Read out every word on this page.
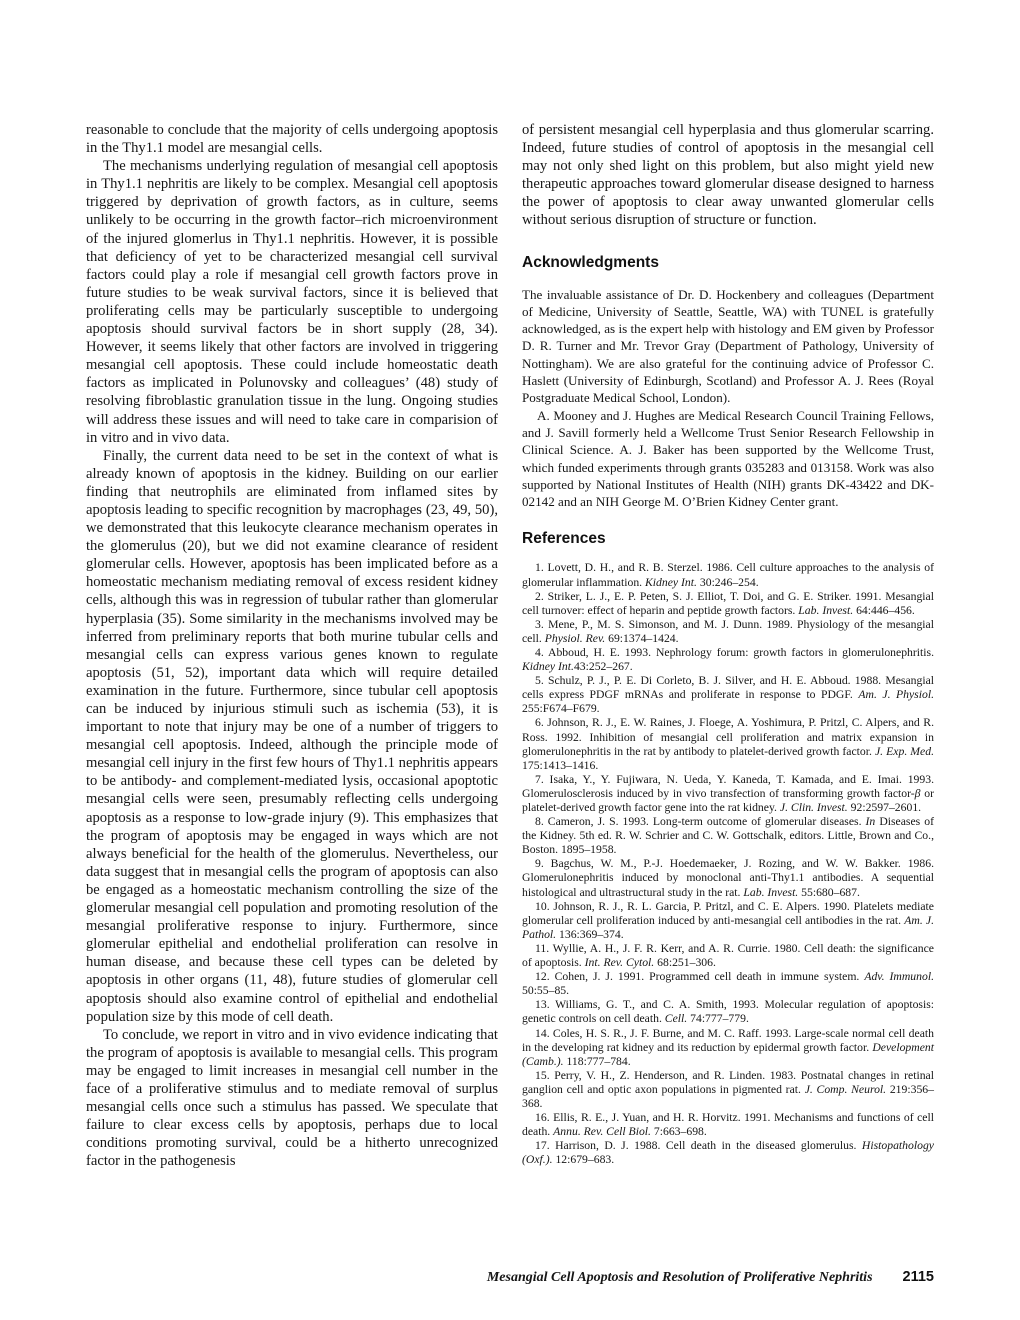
reasonable to conclude that the majority of cells undergoing apoptosis in the Thy1.1 model are mesangial cells.

The mechanisms underlying regulation of mesangial cell apoptosis in Thy1.1 nephritis are likely to be complex. Mesangial cell apoptosis triggered by deprivation of growth factors, as in culture, seems unlikely to be occurring in the growth factor–rich microenvironment of the injured glomerlus in Thy1.1 nephritis. However, it is possible that deficiency of yet to be characterized mesangial cell survival factors could play a role if mesangial cell growth factors prove in future studies to be weak survival factors, since it is believed that proliferating cells may be particularly susceptible to undergoing apoptosis should survival factors be in short supply (28, 34). However, it seems likely that other factors are involved in triggering mesangial cell apoptosis. These could include homeostatic death factors as implicated in Polunovsky and colleagues’ (48) study of resolving fibroblastic granulation tissue in the lung. Ongoing studies will address these issues and will need to take care in comparision of in vitro and in vivo data.

Finally, the current data need to be set in the context of what is already known of apoptosis in the kidney. Building on our earlier finding that neutrophils are eliminated from inflamed sites by apoptosis leading to specific recognition by macrophages (23, 49, 50), we demonstrated that this leukocyte clearance mechanism operates in the glomerulus (20), but we did not examine clearance of resident glomerular cells. However, apoptosis has been implicated before as a homeostatic mechanism mediating removal of excess resident kidney cells, although this was in regression of tubular rather than glomerular hyperplasia (35). Some similarity in the mechanisms involved may be inferred from preliminary reports that both murine tubular cells and mesangial cells can express various genes known to regulate apoptosis (51, 52), important data which will require detailed examination in the future. Furthermore, since tubular cell apoptosis can be induced by injurious stimuli such as ischemia (53), it is important to note that injury may be one of a number of triggers to mesangial cell apoptosis. Indeed, although the principle mode of mesangial cell injury in the first few hours of Thy1.1 nephritis appears to be antibody- and complement-mediated lysis, occasional apoptotic mesangial cells were seen, presumably reflecting cells undergoing apoptosis as a response to low-grade injury (9). This emphasizes that the program of apoptosis may be engaged in ways which are not always beneficial for the health of the glomerulus. Nevertheless, our data suggest that in mesangial cells the program of apoptosis can also be engaged as a homeostatic mechanism controlling the size of the glomerular mesangial cell population and promoting resolution of the mesangial proliferative response to injury. Furthermore, since glomerular epithelial and endothelial proliferation can resolve in human disease, and because these cell types can be deleted by apoptosis in other organs (11, 48), future studies of glomerular cell apoptosis should also examine control of epithelial and endothelial population size by this mode of cell death.

To conclude, we report in vitro and in vivo evidence indicating that the program of apoptosis is available to mesangial cells. This program may be engaged to limit increases in mesangial cell number in the face of a proliferative stimulus and to mediate removal of surplus mesangial cells once such a stimulus has passed. We speculate that failure to clear excess cells by apoptosis, perhaps due to local conditions promoting survival, could be a hitherto unrecognized factor in the pathogenesis

of persistent mesangial cell hyperplasia and thus glomerular scarring. Indeed, future studies of control of apoptosis in the mesangial cell may not only shed light on this problem, but also might yield new therapeutic approaches toward glomerular disease designed to harness the power of apoptosis to clear away unwanted glomerular cells without serious disruption of structure or function.

Acknowledgments

The invaluable assistance of Dr. D. Hockenbery and colleagues (Department of Medicine, University of Seattle, Seattle, WA) with TUNEL is gratefully acknowledged, as is the expert help with histology and EM given by Professor D. R. Turner and Mr. Trevor Gray (Department of Pathology, University of Nottingham). We are also grateful for the continuing advice of Professor C. Haslett (University of Edinburgh, Scotland) and Professor A. J. Rees (Royal Postgraduate Medical School, London).

A. Mooney and J. Hughes are Medical Research Council Training Fellows, and J. Savill formerly held a Wellcome Trust Senior Research Fellowship in Clinical Science. A. J. Baker has been supported by the Wellcome Trust, which funded experiments through grants 035283 and 013158. Work was also supported by National Institutes of Health (NIH) grants DK-43422 and DK-02142 and an NIH George M. O’Brien Kidney Center grant.

References

1. Lovett, D. H., and R. B. Sterzel. 1986. Cell culture approaches to the analysis of glomerular inflammation. Kidney Int. 30:246–254.

2. Striker, L. J., E. P. Peten, S. J. Elliot, T. Doi, and G. E. Striker. 1991. Mesangial cell turnover: effect of heparin and peptide growth factors. Lab. Invest. 64:446–456.

3. Mene, P., M. S. Simonson, and M. J. Dunn. 1989. Physiology of the mesangial cell. Physiol. Rev. 69:1374–1424.

4. Abboud, H. E. 1993. Nephrology forum: growth factors in glomerulonephritis. Kidney Int.43:252–267.

5. Schulz, P. J., P. E. Di Corleto, B. J. Silver, and H. E. Abboud. 1988. Mesangial cells express PDGF mRNAs and proliferate in response to PDGF. Am. J. Physiol. 255:F674–F679.

6. Johnson, R. J., E. W. Raines, J. Floege, A. Yoshimura, P. Pritzl, C. Alpers, and R. Ross. 1992. Inhibition of mesangial cell proliferation and matrix expansion in glomerulonephritis in the rat by antibody to platelet-derived growth factor. J. Exp. Med. 175:1413–1416.

7. Isaka, Y., Y. Fujiwara, N. Ueda, Y. Kaneda, T. Kamada, and E. Imai. 1993. Glomerulosclerosis induced by in vivo transfection of transforming growth factor-β or platelet-derived growth factor gene into the rat kidney. J. Clin. Invest. 92:2597–2601.

8. Cameron, J. S. 1993. Long-term outcome of glomerular diseases. In Diseases of the Kidney. 5th ed. R. W. Schrier and C. W. Gottschalk, editors. Little, Brown and Co., Boston. 1895–1958.

9. Bagchus, W. M., P.-J. Hoedemaeker, J. Rozing, and W. W. Bakker. 1986. Glomerulonephritis induced by monoclonal anti-Thy1.1 antibodies. A sequential histological and ultrastructural study in the rat. Lab. Invest. 55:680–687.

10. Johnson, R. J., R. L. Garcia, P. Pritzl, and C. E. Alpers. 1990. Platelets mediate glomerular cell proliferation induced by anti-mesangial cell antibodies in the rat. Am. J. Pathol. 136:369–374.

11. Wyllie, A. H., J. F. R. Kerr, and A. R. Currie. 1980. Cell death: the significance of apoptosis. Int. Rev. Cytol. 68:251–306.

12. Cohen, J. J. 1991. Programmed cell death in immune system. Adv. Immunol. 50:55–85.

13. Williams, G. T., and C. A. Smith, 1993. Molecular regulation of apoptosis: genetic controls on cell death. Cell. 74:777–779.

14. Coles, H. S. R., J. F. Burne, and M. C. Raff. 1993. Large-scale normal cell death in the developing rat kidney and its reduction by epidermal growth factor. Development (Camb.). 118:777–784.

15. Perry, V. H., Z. Henderson, and R. Linden. 1983. Postnatal changes in retinal ganglion cell and optic axon populations in pigmented rat. J. Comp. Neurol. 219:356–368.

16. Ellis, R. E., J. Yuan, and H. R. Horvitz. 1991. Mechanisms and functions of cell death. Annu. Rev. Cell Biol. 7:663–698.

17. Harrison, D. J. 1988. Cell death in the diseased glomerulus. Histopathology (Oxf.). 12:679–683.

Mesangial Cell Apoptosis and Resolution of Proliferative Nephritis 2115
